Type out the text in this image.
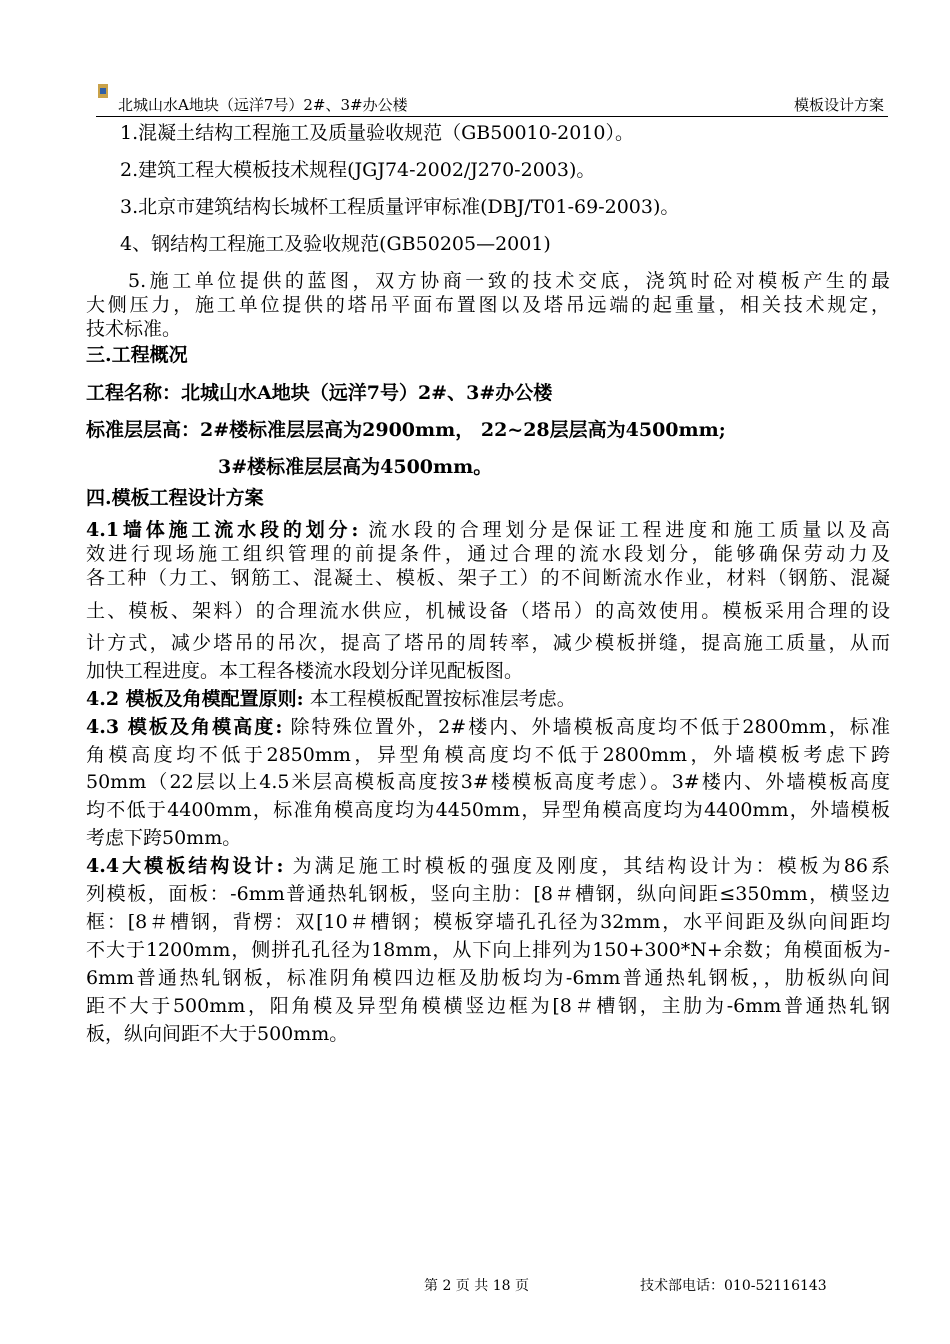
北城山水A地块（远洋7号）2#、3#办公楼	模板设计方案
1.混凝土结构工程施工及质量验收规范（GB50010-2010）。
2.建筑工程大模板技术规程(JGJ74-2002/J270-2003)。
3.北京市建筑结构长城杯工程质量评审标准(DBJ/T01-69-2003)。
4、钢结构工程施工及验收规范(GB50205—2001)
5.施工单位提供的蓝图，双方协商一致的技术交底，浇筑时砼对模板产生的最
大侧压力，施工单位提供的塔吊平面布置图以及塔吊远端的起重量，相关技术规定，
技术标准。
三.工程概况
工程名称：北城山水A地块（远洋7号）2#、3#办公楼
标准层层高：2#楼标准层层高为2900mm， 22~28层层高为4500mm;
3#楼标准层层高为4500mm。
四.模板工程设计方案
4.1墙体施工流水段的划分: 流水段的合理划分是保证工程进度和施工质量以及高
效进行现场施工组织管理的前提条件，通过合理的流水段划分，能够确保劳动力及
各工种（力工、钢筋工、混凝土、模板、架子工）的不间断流水作业，材料（钢筋、混凝
土、模板、架料）的合理流水供应，机械设备（塔吊）的高效使用。模板采用合理的设
计方式，减少塔吊的吊次，提高了塔吊的周转率，减少模板拼缝，提高施工质量，从而
加快工程进度。本工程各楼流水段划分详见配板图。
4.2 模板及角模配置原则: 本工程模板配置按标准层考虑。
4.3 模板及角模高度: 除特殊位置外，2#楼内、外墙模板高度均不低于2800mm，标准
角模高度均不低于2850mm，异型角模高度均不低于2800mm，外墙模板考虑下跨
50mm（22层以上4.5米层高模板高度按3#楼模板高度考虑）。3#楼内、外墙模板高度
均不低于4400mm，标准角模高度均为4450mm，异型角模高度均为4400mm，外墙模板
考虑下跨50mm。
4.4大模板结构设计: 为满足施工时模板的强度及刚度，其结构设计为：模板为86系
列模板，面板：-6mm普通热轧钢板，竖向主肋：[8＃槽钢，纵向间距≤350mm，横竖边
框：[8＃槽钢，背楞：双[10＃槽钢；模板穿墙孔孔径为32mm，水平间距及纵向间距均
不大于1200mm，侧拼孔孔径为18mm，从下向上排列为150+300*N+余数；角模面板为-
6mm普通热轧钢板，标准阴角模四边框及肋板均为-6mm普通热轧钢板，，肋板纵向间
距不大于500mm，阳角模及异型角模横竖边框为[8＃槽钢，主肋为-6mm普通热轧钢
板，纵向间距不大于500mm。
第 2 页 共 18 页	技术部电话：010-52116143
